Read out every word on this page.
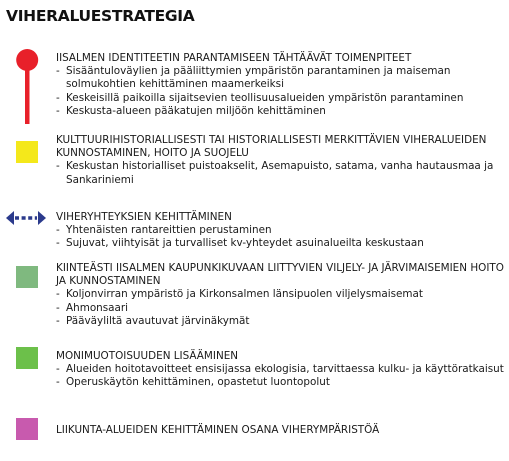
VIHERALUESTRATEGIA
IISALMEN IDENTITEETIN PARANTAMISEEN TÄHTÄÄVÄT TOIMENPITEET
- Sisääntuloväylien ja pääliittymien ympäristön parantaminen ja maiseman solmukohtien kehittäminen maamerkeiksi
- Keskeisillä paikoilla sijaitsevien teollisuusalueiden ympäristön parantaminen
- Keskusta-alueen pääkatujen miljöön kehittäminen
KULTTUURIHISTORIALLISESTI TAI HISTORIALLISESTI MERKITTÄVIEN VIHERALUEIDEN KUNNOSTAMINEN, HOITO JA SUOJELU
- Keskustan historialliset puistoakselit, Asemapuisto, satama, vanha hautausmaa ja Sankariniemi
VIHERYHTEYKSIEN KEHITTÄMINEN
- Yhtenäisten rantareittien perustaminen
- Sujuvat, viihtyisät ja turvalliset kv-yhteydet asuinalueilta keskustaan
KIINTEÄSTI IISALMEN KAUPUNKIKUVAAN LIITTYVIEN VILJELY- JA JÄRVIMAISEMIEN HOITO JA KUNNOSTAMINEN
- Koljonvirran ympäristö ja Kirkonsalmen länsipuolen viljelysmaisemat
- Ahmonsaari
- Pääväyliltä avautuvat järvinäkymät
MONIMUOTOISUUDEN LISÄÄMINEN
- Alueiden hoitotavoitteet ensisijassa ekologisia, tarvittaessa kulku- ja käyttöratkaisut
- Operuskäytön kehittäminen, opastetut luontopolut
LIIKUNTA-ALUEIDEN KEHITTÄMINEN OSANA VIHERYMPÄRISTÖÄ
